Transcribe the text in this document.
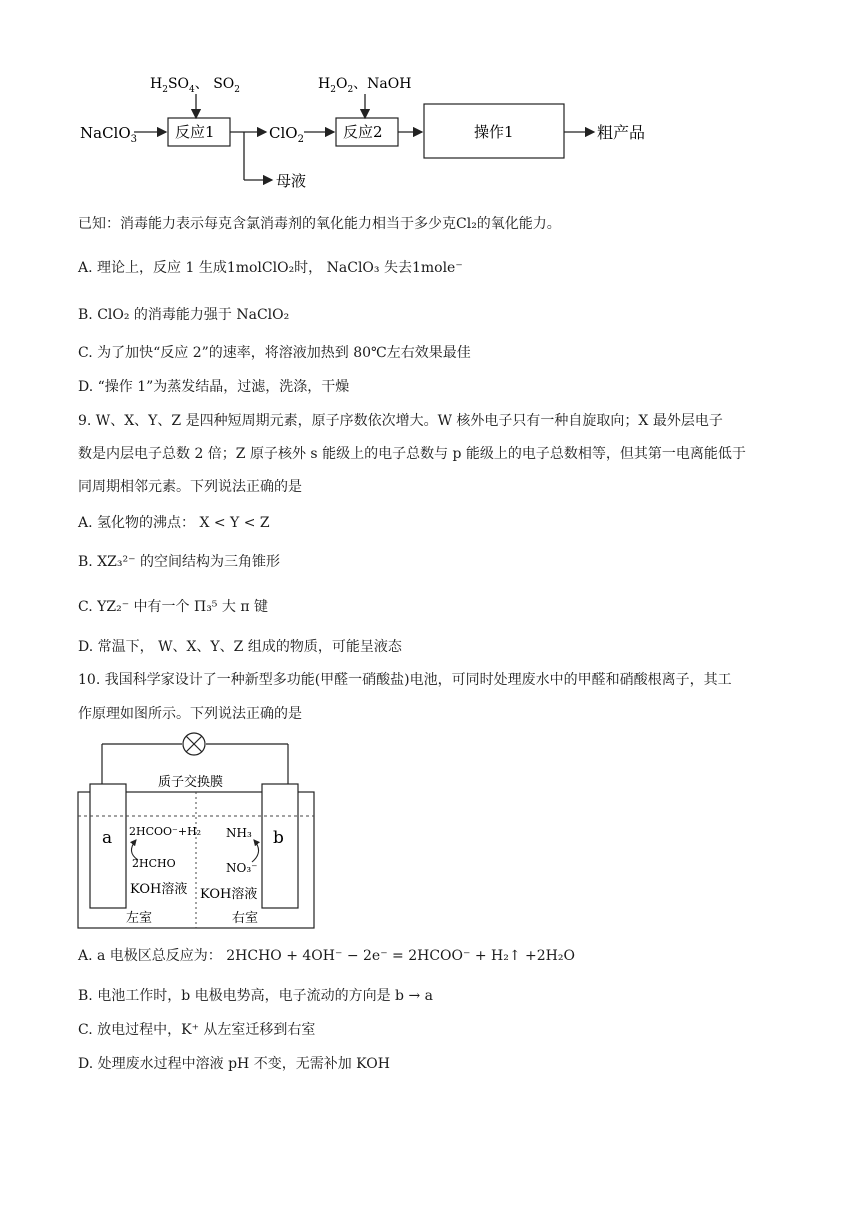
NaClO$_3$
$H_2SO_4$、 $SO_2$
反应1
母液
ClO$_2$
$H_2O_2$、NaOH
反应2	操作1	粗产品
已知：消毒能力表示每克含氯消毒剂的氧化能力相当于多少克Cl₂的氧化能力。
A. 理论上，反应 1 生成1molClO₂时， NaClO₃ 失去1mole⁻
B. ClO₂ 的消毒能力强于 NaClO₂
C. 为了加快“反应 2”的速率，将溶液加热到 80℃左右效果最佳
D. “操作 1”为蒸发结晶，过滤，洗涤，干燥
9. W、X、Y、Z 是四种短周期元素，原子序数依次增大。W 核外电子只有一种自旋取向；X 最外层电子
数是内层电子总数 2 倍；Z 原子核外 s 能级上的电子总数与 p 能级上的电子总数相等，但其第一电离能低于
同周期相邻元素。下列说法正确的是
A. 氢化物的沸点： X < Y < Z
B. XZ₃²⁻ 的空间结构为三角锥形
C. YZ₂⁻ 中有一个 Π₃⁵ 大 π 键
D. 常温下， W、X、Y、Z 组成的物质，可能呈液态
10. 我国科学家设计了一种新型多功能(甲醛一硝酸盐)电池，可同时处理废水中的甲醛和硝酸根离子，其工
作原理如图所示。下列说法正确的是
质子交换膜
a	b
2HCOO⁻+H₂
2HCHO
KOH溶液
NH₃
NO₃⁻
KOH溶液
左室	右室
A. a 电极区总反应为： 2HCHO + 4OH⁻ − 2e⁻ = 2HCOO⁻ + H₂↑ +2H₂O
B. 电池工作时，b 电极电势高，电子流动的方向是 b → a
C. 放电过程中，K⁺ 从左室迁移到右室
D. 处理废水过程中溶液 pH 不变，无需补加 KOH
